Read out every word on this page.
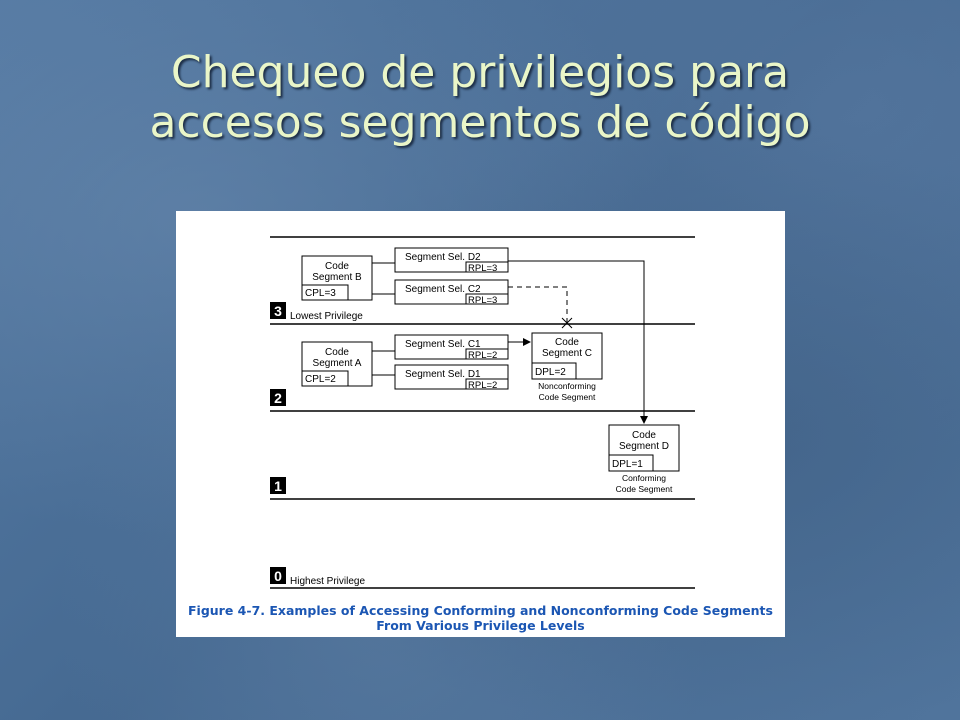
Chequeo de privilegios para
accesos segmentos de código
3 Lowest Privilege
2
1
0 Highest Privilege
Code
Segment B
CPL=3
Segment Sel. D2
RPL=3
Segment Sel. C2
RPL=3
Code
Segment A
CPL=2
Segment Sel. C1
RPL=2
Segment Sel. D1
RPL=2
Code
Segment C
DPL=2
Nonconforming
Code Segment
Code
Segment D
DPL=1
Conforming
Code Segment
Figure 4-7. Examples of Accessing Conforming and Nonconforming Code Segments
From Various Privilege Levels
